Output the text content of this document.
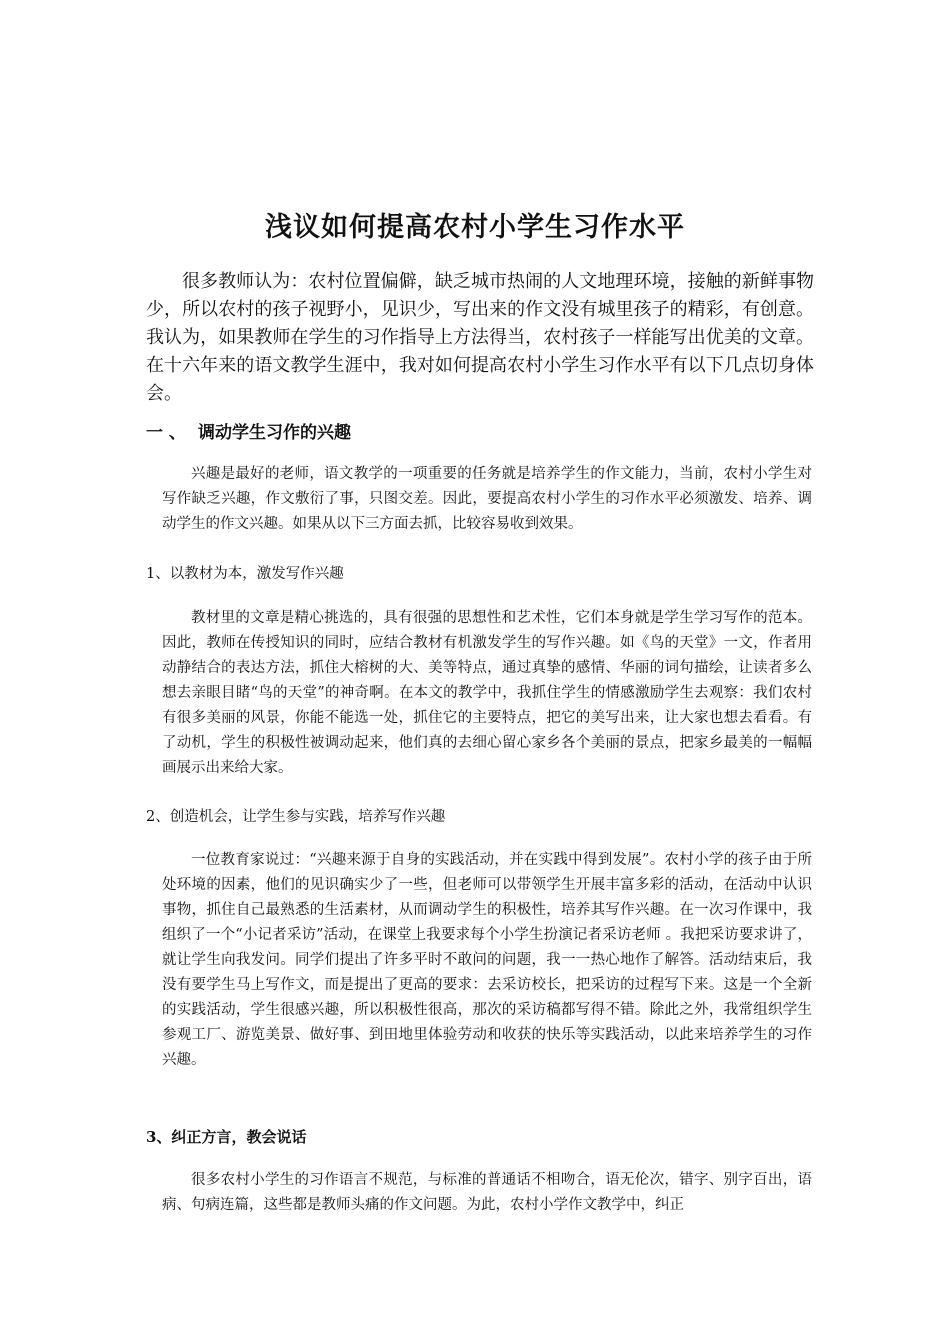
浅议如何提高农村小学生习作水平

很多教师认为：农村位置偏僻，缺乏城市热闹的人文地理环境，接触的新鲜事物少，所以农村的孩子视野小，见识少，写出来的作文没有城里孩子的精彩，有创意。我认为，如果教师在学生的习作指导上方法得当，农村孩子一样能写出优美的文章。在十六年来的语文教学生涯中，我对如何提高农村小学生习作水平有以下几点切身体会。

一 、 调动学生习作的兴趣

兴趣是最好的老师，语文教学的一项重要的任务就是培养学生的作文能力，当前，农村小学生对写作缺乏兴趣，作文敷衍了事，只图交差。因此，要提高农村小学生的习作水平必须激发、培养、调动学生的作文兴趣。如果从以下三方面去抓，比较容易收到效果。

1、以教材为本，激发写作兴趣

教材里的文章是精心挑选的，具有很强的思想性和艺术性，它们本身就是学生学习写作的范本。因此，教师在传授知识的同时，应结合教材有机激发学生的写作兴趣。如《鸟的天堂》一文，作者用动静结合的表达方法，抓住大榕树的大、美等特点，通过真挚的感情、华丽的词句描绘，让读者多么想去亲眼目睹“鸟的天堂”的神奇啊。在本文的教学中，我抓住学生的情感激励学生去观察：我们农村有很多美丽的风景，你能不能选一处，抓住它的主要特点，把它的美写出来，让大家也想去看看。有了动机，学生的积极性被调动起来，他们真的去细心留心家乡各个美丽的景点，把家乡最美的一幅幅画展示出来给大家。

2、创造机会，让学生参与实践，培养写作兴趣

一位教育家说过：“兴趣来源于自身的实践活动，并在实践中得到发展”。农村小学的孩子由于所处环境的因素，他们的见识确实少了一些，但老师可以带领学生开展丰富多彩的活动，在活动中认识事物，抓住自己最熟悉的生活素材，从而调动学生的积极性，培养其写作兴趣。在一次习作课中，我组织了一个“小记者采访”活动，在课堂上我要求每个小学生扮演记者采访老师 。我把采访要求讲了，就让学生向我发问。同学们提出了许多平时不敢问的问题，我一一热心地作了解答。活动结束后，我没有要学生马上写作文，而是提出了更高的要求：去采访校长，把采访的过程写下来。这是一个全新的实践活动，学生很感兴趣，所以积极性很高，那次的采访稿都写得不错。除此之外，我常组织学生参观工厂、游览美景、做好事、到田地里体验劳动和收获的快乐等实践活动，以此来培养学生的习作兴趣。

3、纠正方言，教会说话

很多农村小学生的习作语言不规范，与标准的普通话不相吻合，语无伦次，错字、别字百出，语病、句病连篇，这些都是教师头痛的作文问题。为此，农村小学作文教学中，纠正
